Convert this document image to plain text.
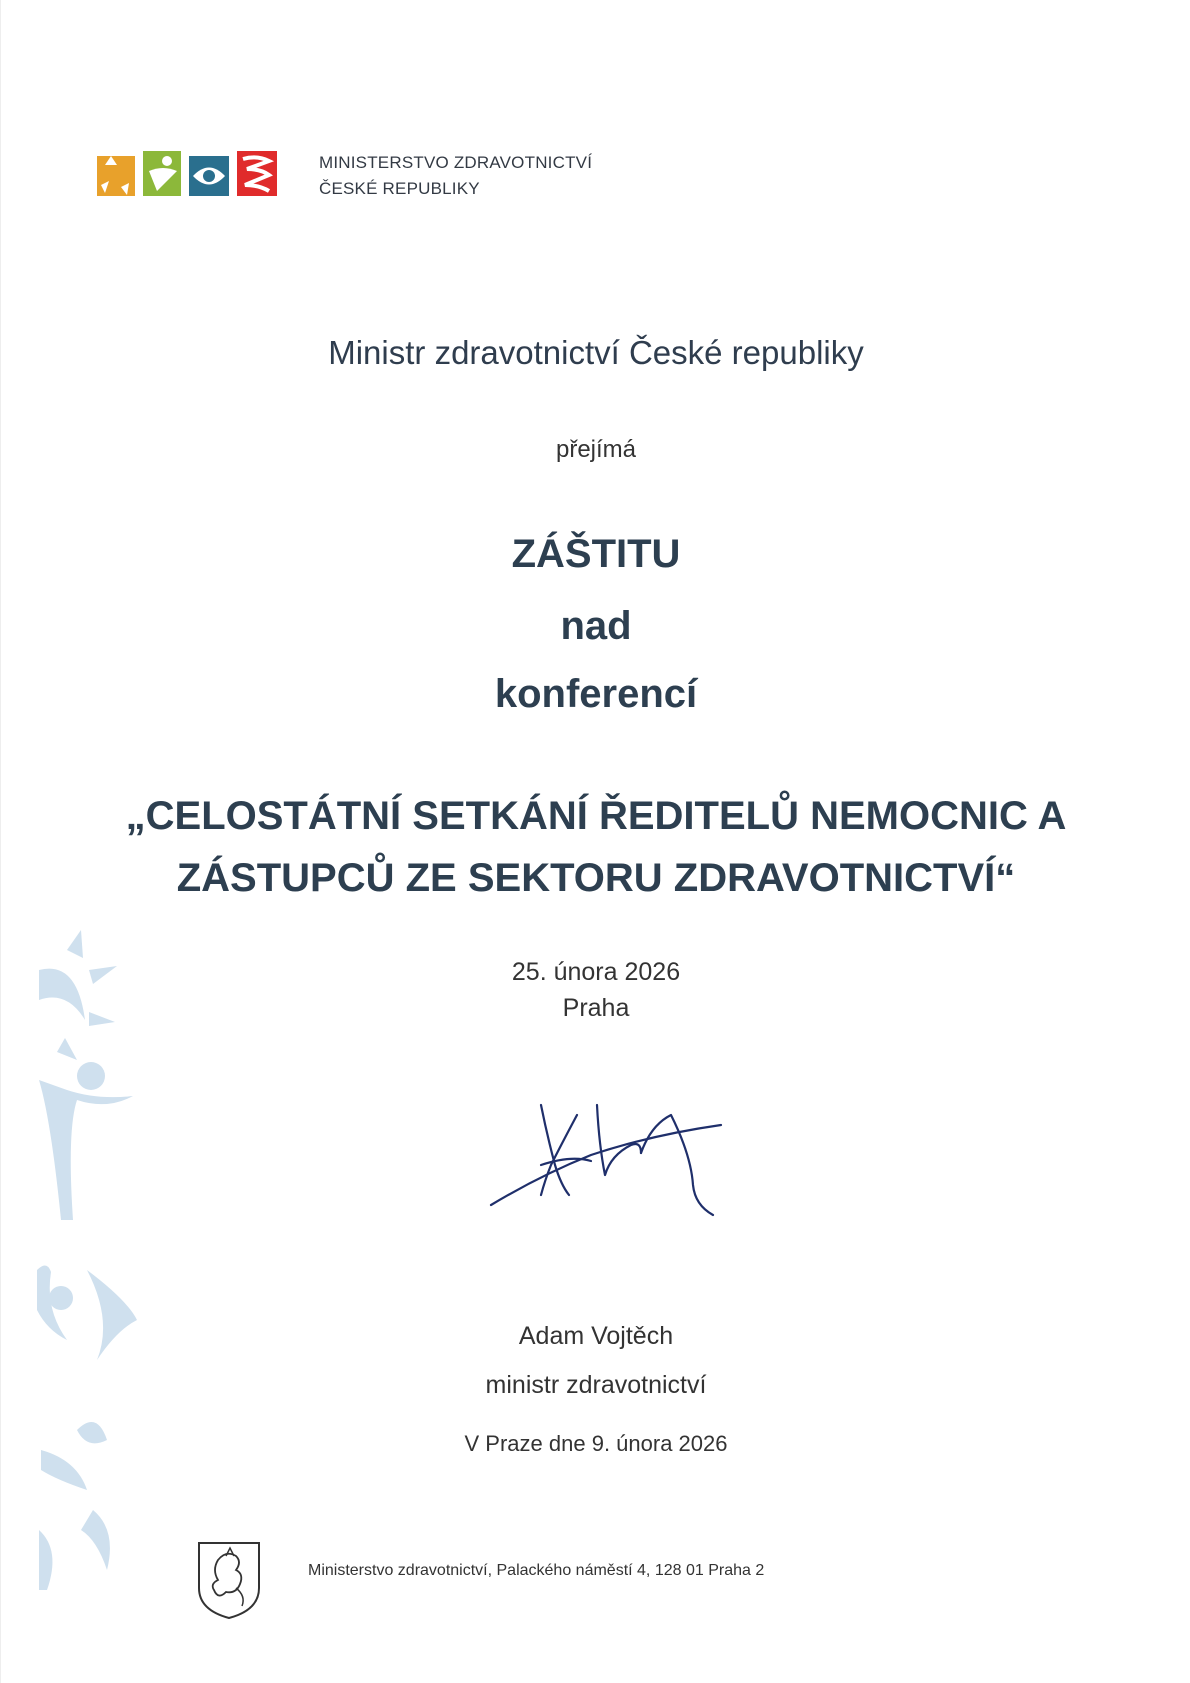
MINISTERSTVO ZDRAVOTNICTVÍ
ČESKÉ REPUBLIKY
Ministr zdravotnictví České republiky
přejímá
ZÁŠTITU
nad
konferencí
„CELOSTÁTNÍ SETKÁNÍ ŘEDITELŮ NEMOCNIC A
ZÁSTUPCŮ ZE SEKTORU ZDRAVOTNICTVÍ“
25. února 2026
Praha
Adam Vojtěch
ministr zdravotnictví
V Praze dne 9. února 2026
Ministerstvo zdravotnictví, Palackého náměstí 4, 128 01 Praha 2
